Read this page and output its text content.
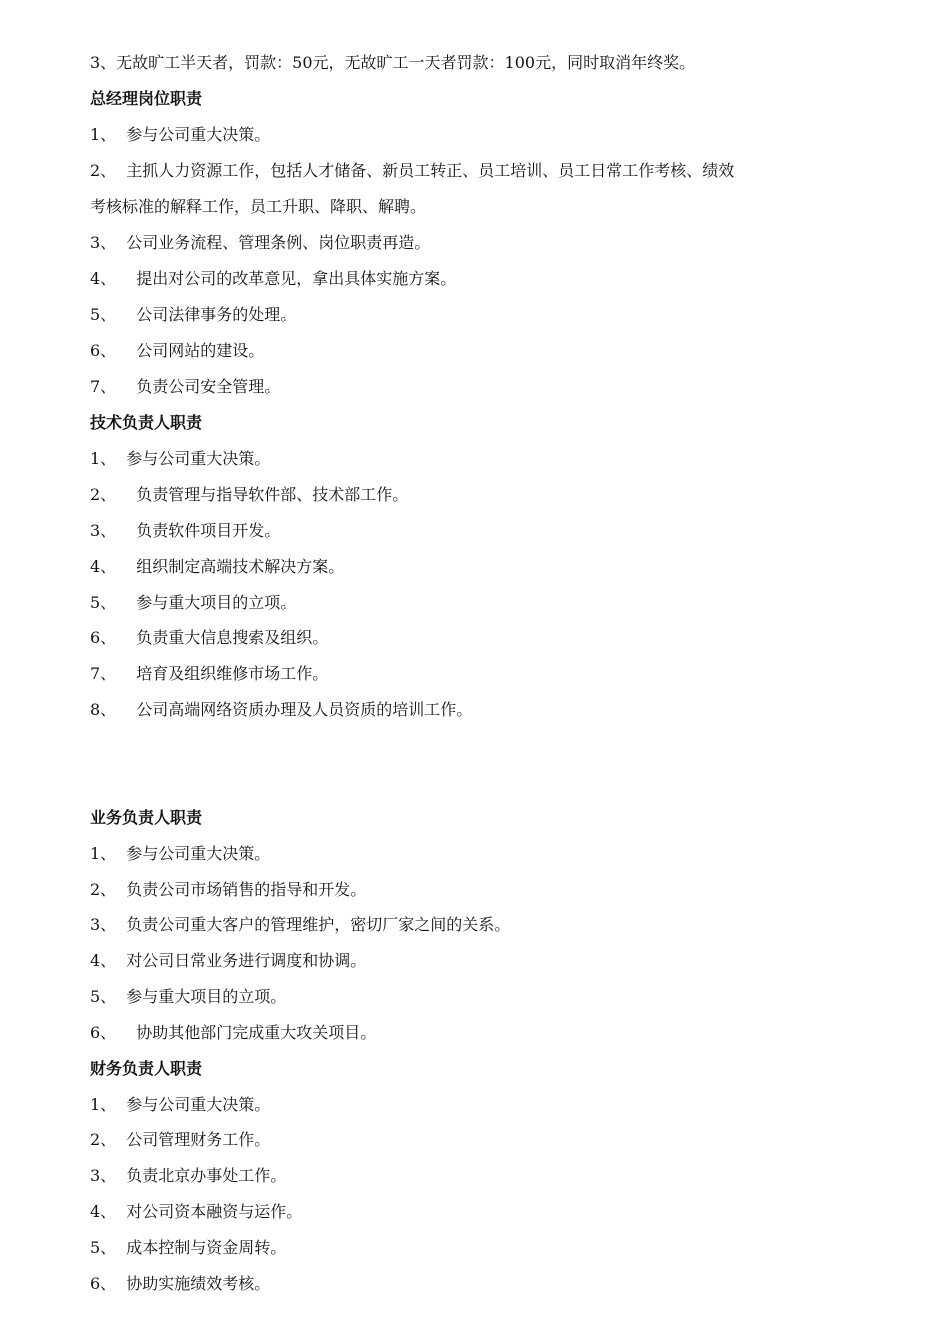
3、无故旷工半天者，罚款：50元，无故旷工一天者罚款：100元，同时取消年终奖。
总经理岗位职责
1、 参与公司重大决策。
2、 主抓人力资源工作，包括人才储备、新员工转正、员工培训、员工日常工作考核、绩效
考核标准的解释工作，员工升职、降职、解聘。
3、 公司业务流程、管理条例、岗位职责再造。
4、 提出对公司的改革意见，拿出具体实施方案。
5、 公司法律事务的处理。
6、 公司网站的建设。
7、 负责公司安全管理。
技术负责人职责
1、 参与公司重大决策。
2、 负责管理与指导软件部、技术部工作。
3、 负责软件项目开发。
4、 组织制定高端技术解决方案。
5、 参与重大项目的立项。
6、 负责重大信息搜索及组织。
7、 培育及组织维修市场工作。
8、 公司高端网络资质办理及人员资质的培训工作。
业务负责人职责
1、 参与公司重大决策。
2、 负责公司市场销售的指导和开发。
3、 负责公司重大客户的管理维护，密切厂家之间的关系。
4、 对公司日常业务进行调度和协调。
5、 参与重大项目的立项。
6、 协助其他部门完成重大攻关项目。
财务负责人职责
1、 参与公司重大决策。
2、 公司管理财务工作。
3、 负责北京办事处工作。
4、 对公司资本融资与运作。
5、 成本控制与资金周转。
6、 协助实施绩效考核。
